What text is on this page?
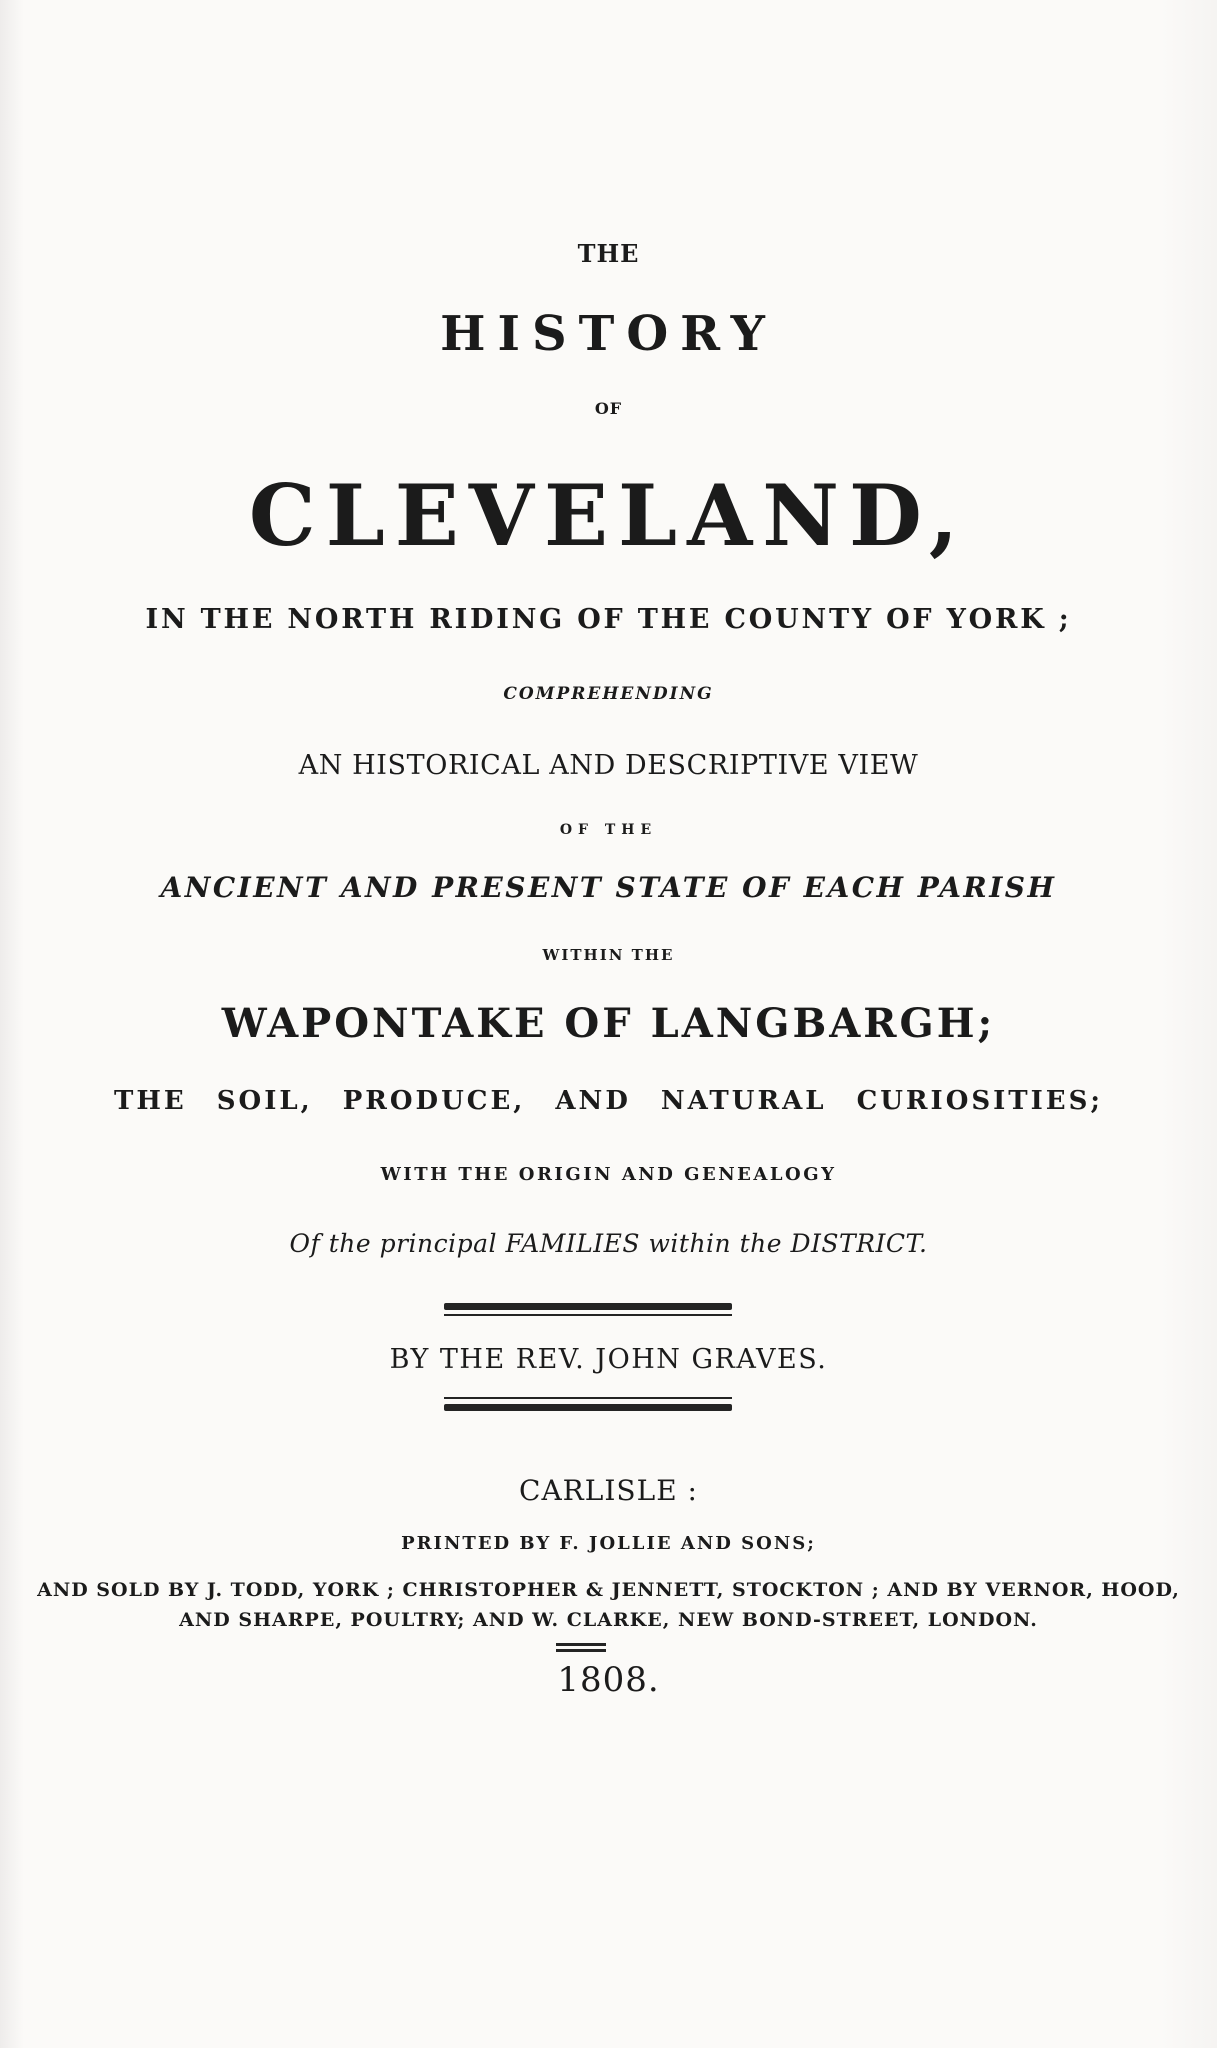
THE
HISTORY
OF
CLEVELAND,
IN THE NORTH RIDING OF THE COUNTY OF YORK ;
COMPREHENDING
AN HISTORICAL AND DESCRIPTIVE VIEW
OF THE
ANCIENT AND PRESENT STATE OF EACH PARISH
WITHIN THE
WAPONTAKE OF LANGBARGH;
THE SOIL, PRODUCE, AND NATURAL CURIOSITIES;
WITH THE ORIGIN AND GENEALOGY
Of the principal FAMILIES within the DISTRICT.
BY THE REV. JOHN GRAVES.
CARLISLE :
PRINTED BY F. JOLLIE AND SONS;
AND SOLD BY J. TODD, YORK ; CHRISTOPHER & JENNETT, STOCKTON ; AND BY VERNOR, HOOD,
AND SHARPE, POULTRY; AND W. CLARKE, NEW BOND-STREET, LONDON.
1808.
